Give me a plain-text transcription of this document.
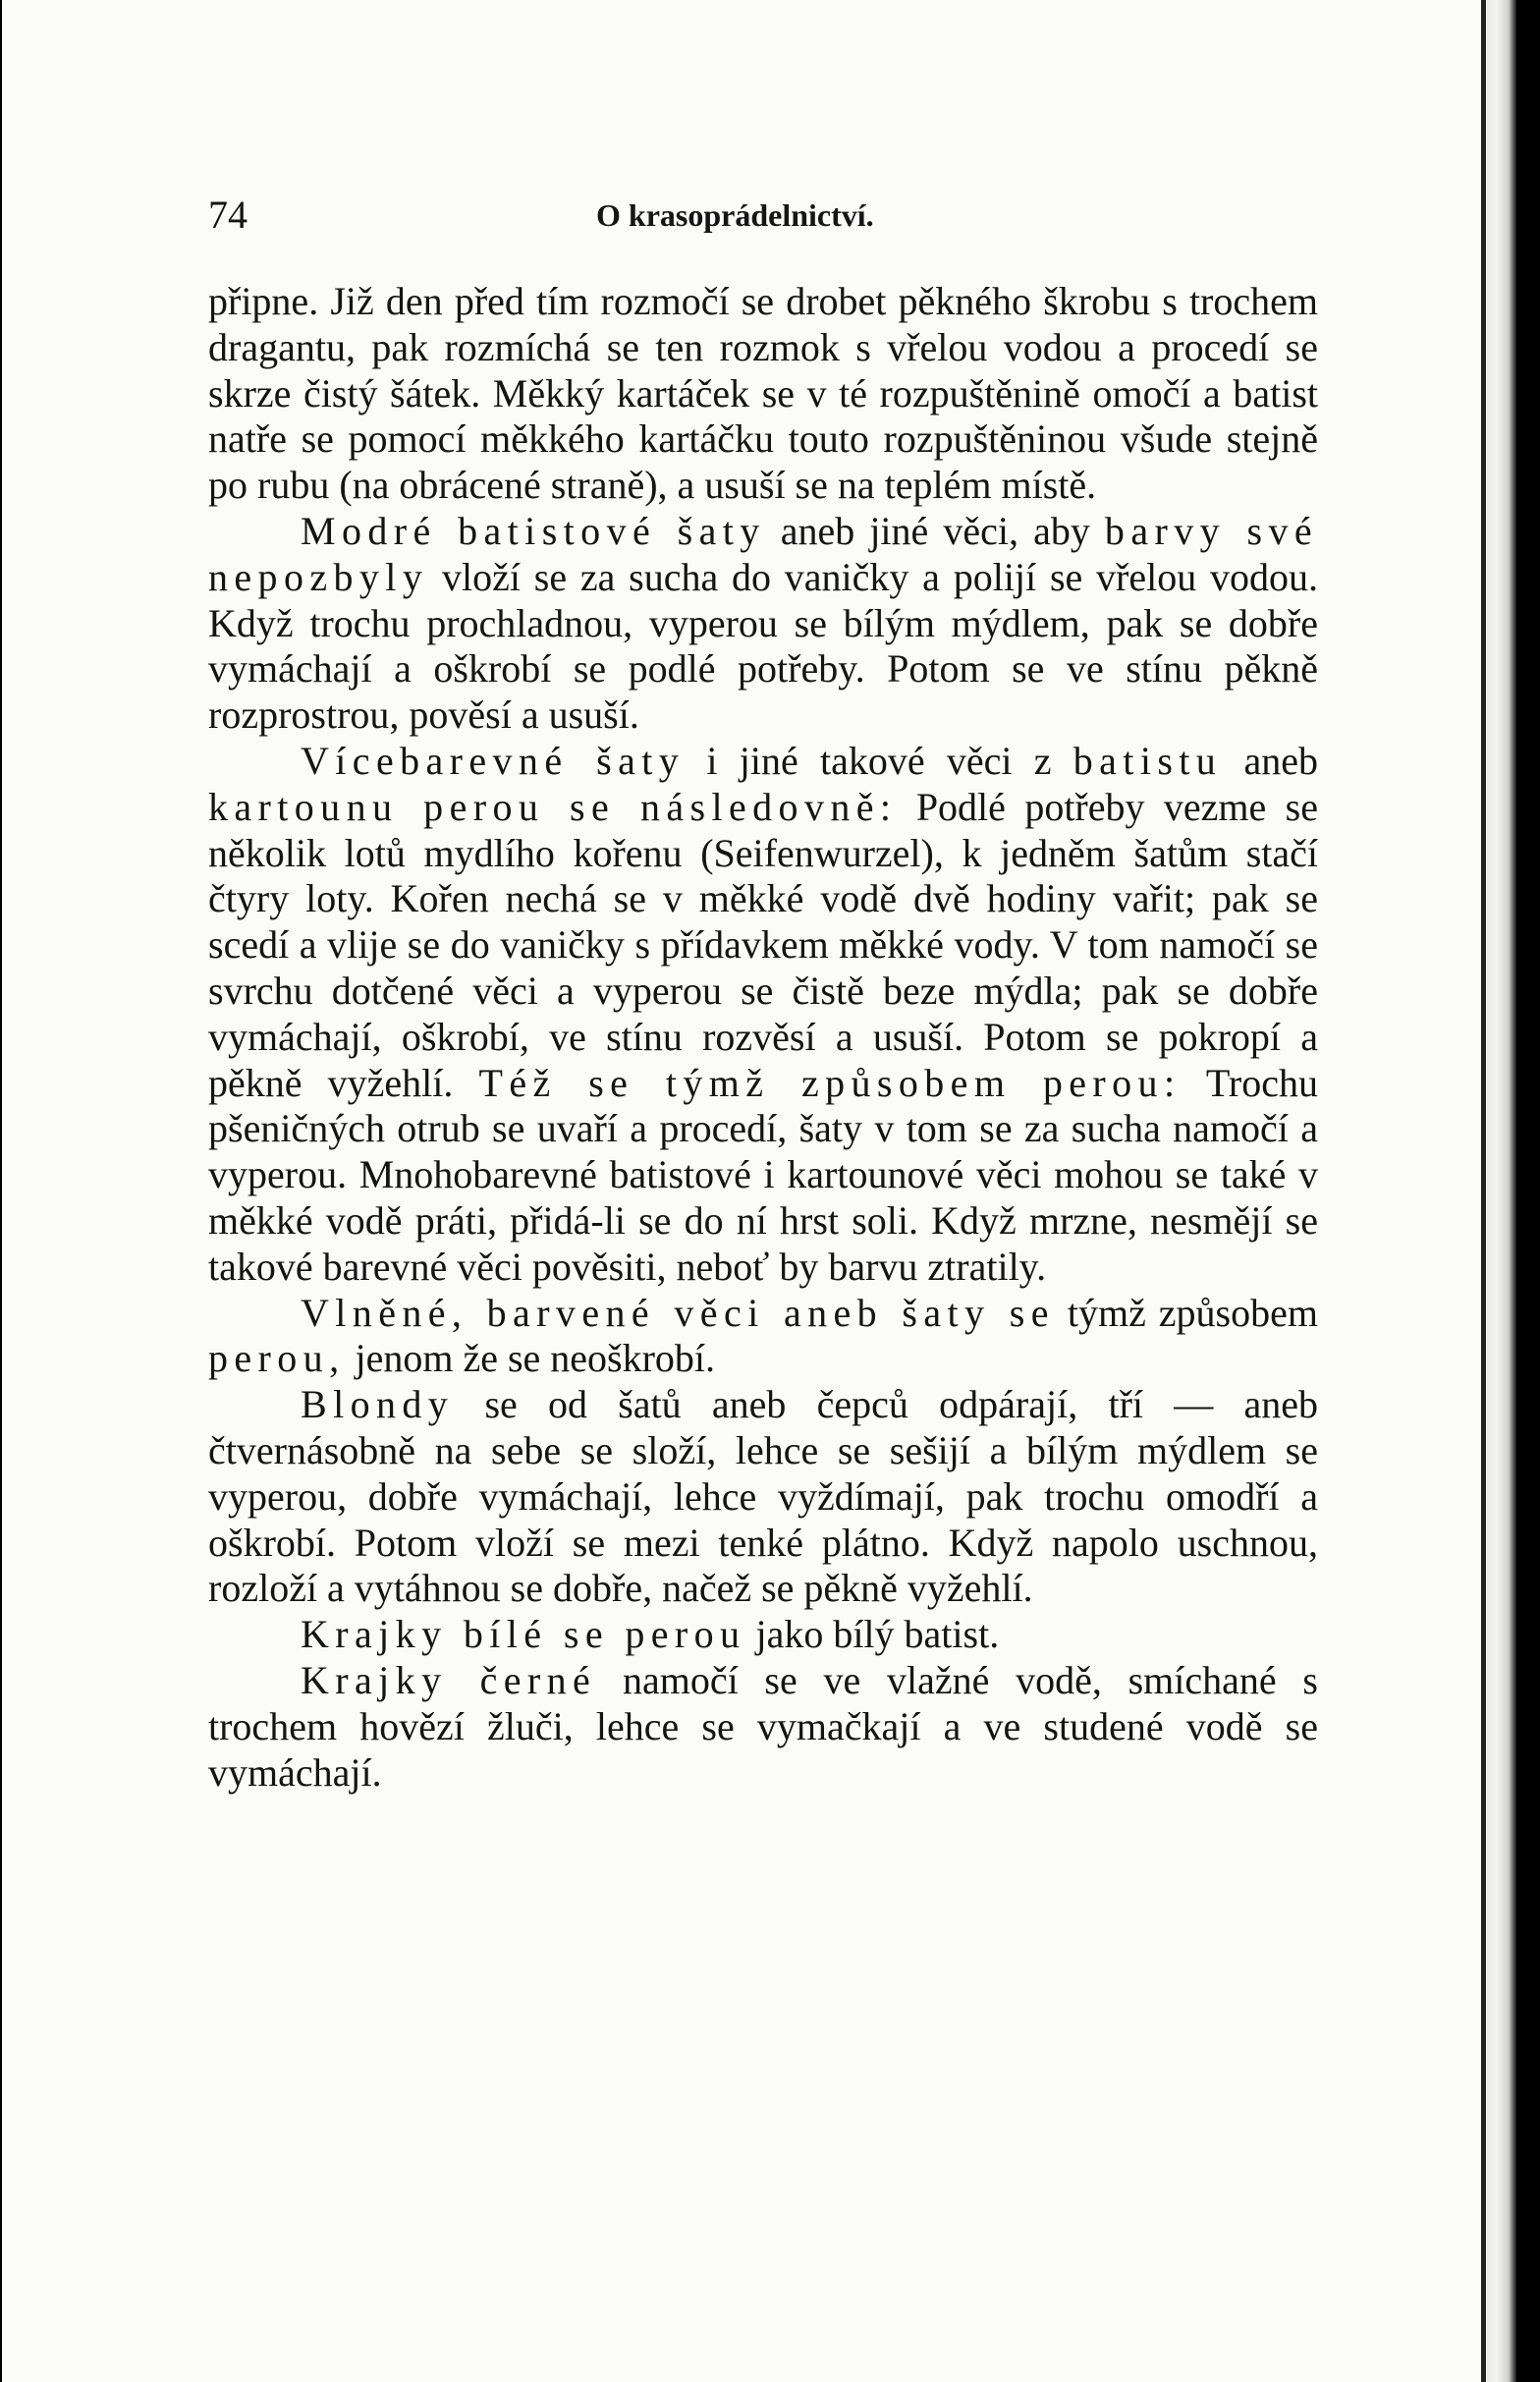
74	O krasoprádelnictví.

připne. Již den před tím rozmočí se drobet pěkného škrobu s trochem dragantu, pak rozmíchá se ten rozmok s vřelou vodou a procedí se skrze čistý šátek. Měkký kartáček se v té rozpuštěnině omočí a batist natře se pomocí měkkého kartáčku touto rozpuštěninou všude stejně po rubu (na obrácené straně), a usuší se na teplém místě.

Modré batistové šaty aneb jiné věci, aby barvy své nepozbyly vloží se za sucha do vaničky a polijí se vřelou vodou. Když trochu prochladnou, vyperou se bílým mýdlem, pak se dobře vymáchají a oškrobí se podlé potřeby. Potom se ve stínu pěkně rozprostrou, pověsí a usuší.

Vícebarevné šaty i jiné takové věci z batistu aneb kartounu perou se následovně: Podlé potřeby vezme se několik lotů mydlího kořenu (Seifenwurzel), k jedněm šatům stačí čtyry loty. Kořen nechá se v měkké vodě dvě hodiny vařit; pak se scedí a vlije se do vaničky s přídavkem měkké vody. V tom namočí se svrchu dotčené věci a vyperou se čistě beze mýdla; pak se dobře vymáchají, oškrobí, ve stínu rozvěsí a usuší. Potom se pokropí a pěkně vyžehlí. Též se týmž způsobem perou: Trochu pšeničných otrub se uvaří a procedí, šaty v tom se za sucha namočí a vyperou. Mnohobarevné batistové i kartounové věci mohou se také v měkké vodě práti, přidá-li se do ní hrst soli. Když mrzne, nesmějí se takové barevné věci pověsiti, neboť by barvu ztratily.

Vlněné, barvené věci aneb šaty se týmž způsobem perou, jenom že se neoškrobí.

Blondy se od šatů aneb čepců odpárají, tří — aneb čtvernásobně na sebe se složí, lehce se sešijí a bílým mýdlem se vyperou, dobře vymáchají, lehce vyždímají, pak trochu omodří a oškrobí. Potom vloží se mezi tenké plátno. Když napolo uschnou, rozloží a vytáhnou se dobře, načež se pěkně vyžehlí.

Krajky bílé se perou jako bílý batist.

Krajky černé namočí se ve vlažné vodě, smíchané s trochem hovězí žluči, lehce se vymačkají a ve studené vodě se vymáchají.
